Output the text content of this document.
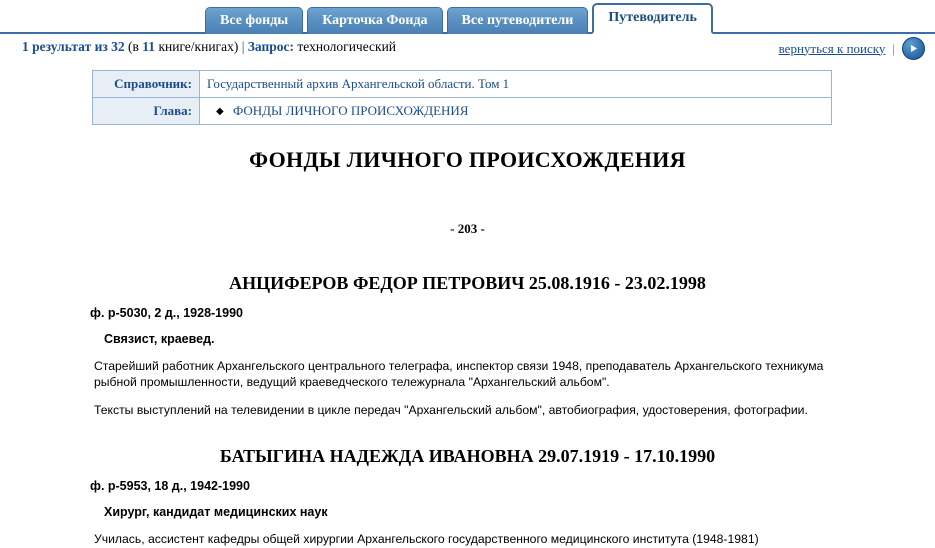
Все фонды	Карточка Фонда	Все путеводители	Путеводитель
1 результат из 32 (в 11 книге/книгах) | Запрос: технологический	вернуться к поиску |
Справочник:	Государственный архив Архангельской области. Том 1
Глава:	◆ ФОНДЫ ЛИЧНОГО ПРОИСХОЖДЕНИЯ
ФОНДЫ ЛИЧНОГО ПРОИСХОЖДЕНИЯ
- 203 -
АНЦИФЕРОВ ФЕДОР ПЕТРОВИЧ 25.08.1916 - 23.02.1998
ф. р-5030, 2 д., 1928-1990
Связист, краевед.
Старейший работник Архангельского центрального телеграфа, инспектор связи 1948, преподаватель Архангельского техникума рыбной промышленности, ведущий краеведческого тележурнала "Архангельский альбом".
Тексты выступлений на телевидении в цикле передач "Архангельский альбом", автобиография, удостоверения, фотографии.
БАТЫГИНА НАДЕЖДА ИВАНОВНА 29.07.1919 - 17.10.1990
ф. р-5953, 18 д., 1942-1990
Хирург, кандидат медицинских наук
Училась, ассистент кафедры общей хирургии Архангельского государственного медицинского института (1948-1981)
